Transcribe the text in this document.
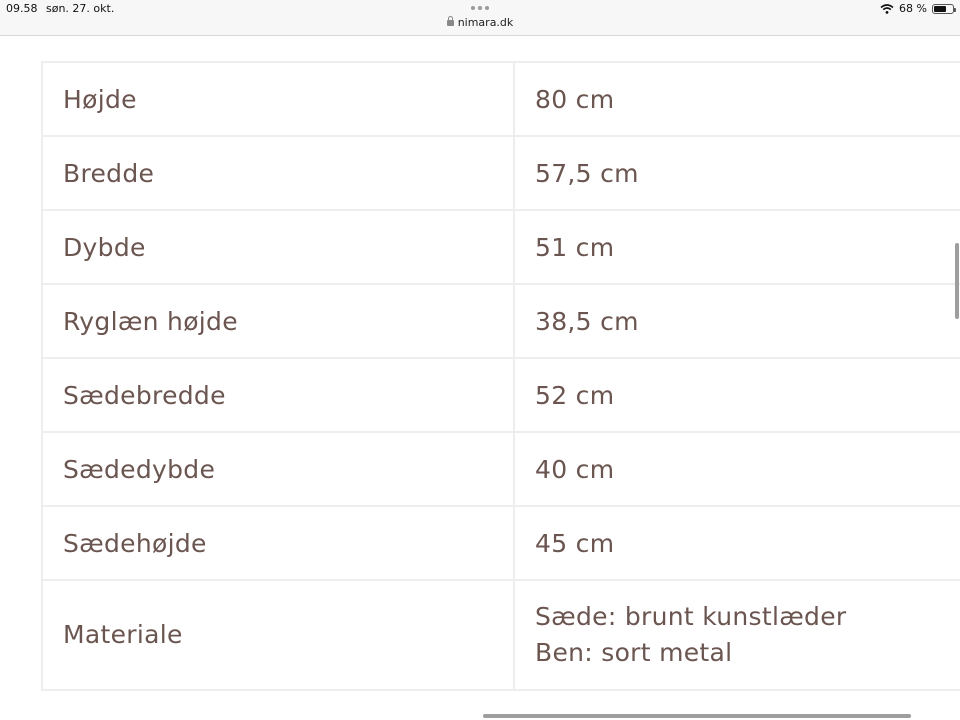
09.58 søn. 27. okt.
nimara.dk
68 %
Højde	80 cm
Bredde	57,5 cm
Dybde	51 cm
Ryglæn højde	38,5 cm
Sædebredde	52 cm
Sædedybde	40 cm
Sædehøjde	45 cm
Materiale	Sæde: brunt kunstlæder
Ben: sort metal
